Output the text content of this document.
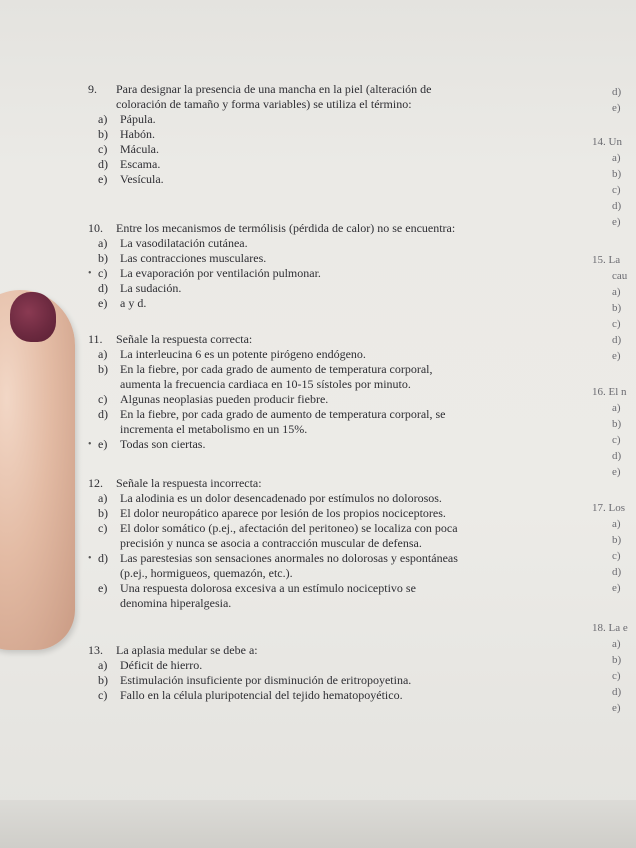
9. Para designar la presencia de una mancha en la piel (alteración de
coloración de tamaño y forma variables) se utiliza el término:
a) Pápula.
b) Habón.
c) Mácula.
d) Escama.
e) Vesícula.
10. Entre los mecanismos de termólisis (pérdida de calor) no se encuentra:
a) La vasodilatación cutánea.
b) Las contracciones musculares.
• c) La evaporación por ventilación pulmonar.
d) La sudación.
e) a y d.
11. Señale la respuesta correcta:
a) La interleucina 6 es un potente pirógeno endógeno.
b) En la fiebre, por cada grado de aumento de temperatura corporal,
aumenta la frecuencia cardiaca en 10-15 sístoles por minuto.
c) Algunas neoplasias pueden producir fiebre.
d) En la fiebre, por cada grado de aumento de temperatura corporal, se
incrementa el metabolismo en un 15%.
• e) Todas son ciertas.
12. Señale la respuesta incorrecta:
a) La alodinia es un dolor desencadenado por estímulos no dolorosos.
b) El dolor neuropático aparece por lesión de los propios nociceptores.
c) El dolor somático (p.ej., afectación del peritoneo) se localiza con poca
precisión y nunca se asocia a contracción muscular de defensa.
• d) Las parestesias son sensaciones anormales no dolorosas y espontáneas
(p.ej., hormigueos, quemazón, etc.).
e) Una respuesta dolorosa excesiva a un estímulo nociceptivo se
denomina hiperalgesia.
13. La aplasia medular se debe a:
a) Déficit de hierro.
b) Estimulación insuficiente por disminución de eritropoyetina.
c) Fallo en la célula pluripotencial del tejido hematopoyético.
d)
e)
14. Un
a)
b)
c)
d)
e)
15. La
cau
a)
b)
c)
d)
e)
16. El n
a)
b)
c)
d)
e)
17. Los
a)
b)
c)
d)
e)
18. La e
a)
b)
c)
d)
e)
